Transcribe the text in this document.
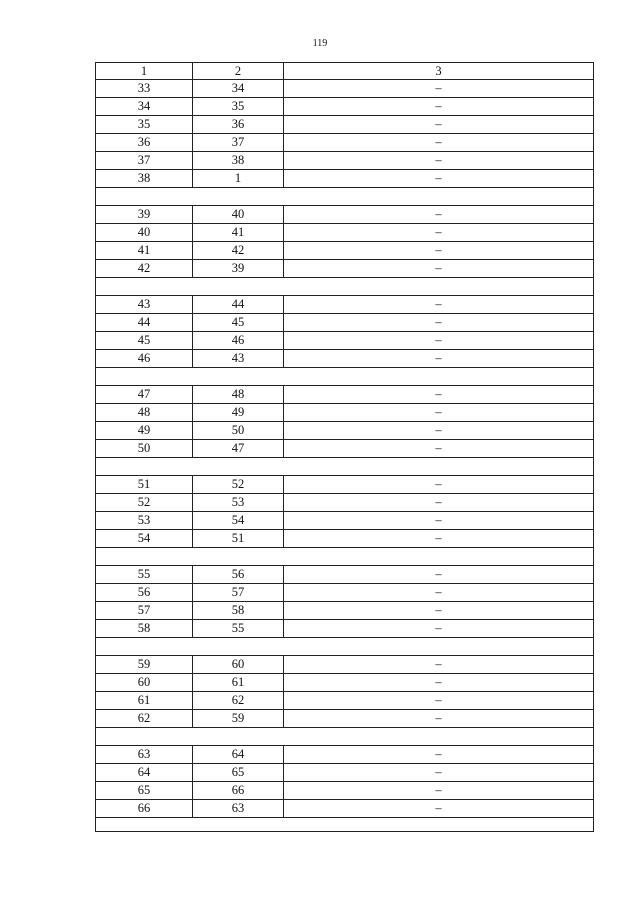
119
1	2	3
33	34	–
34	35	–
35	36	–
36	37	–
37	38	–
38	1	–

39	40	–
40	41	–
41	42	–
42	39	–

43	44	–
44	45	–
45	46	–
46	43	–

47	48	–
48	49	–
49	50	–
50	47	–

51	52	–
52	53	–
53	54	–
54	51	–

55	56	–
56	57	–
57	58	–
58	55	–

59	60	–
60	61	–
61	62	–
62	59	–

63	64	–
64	65	–
65	66	–
66	63	–
